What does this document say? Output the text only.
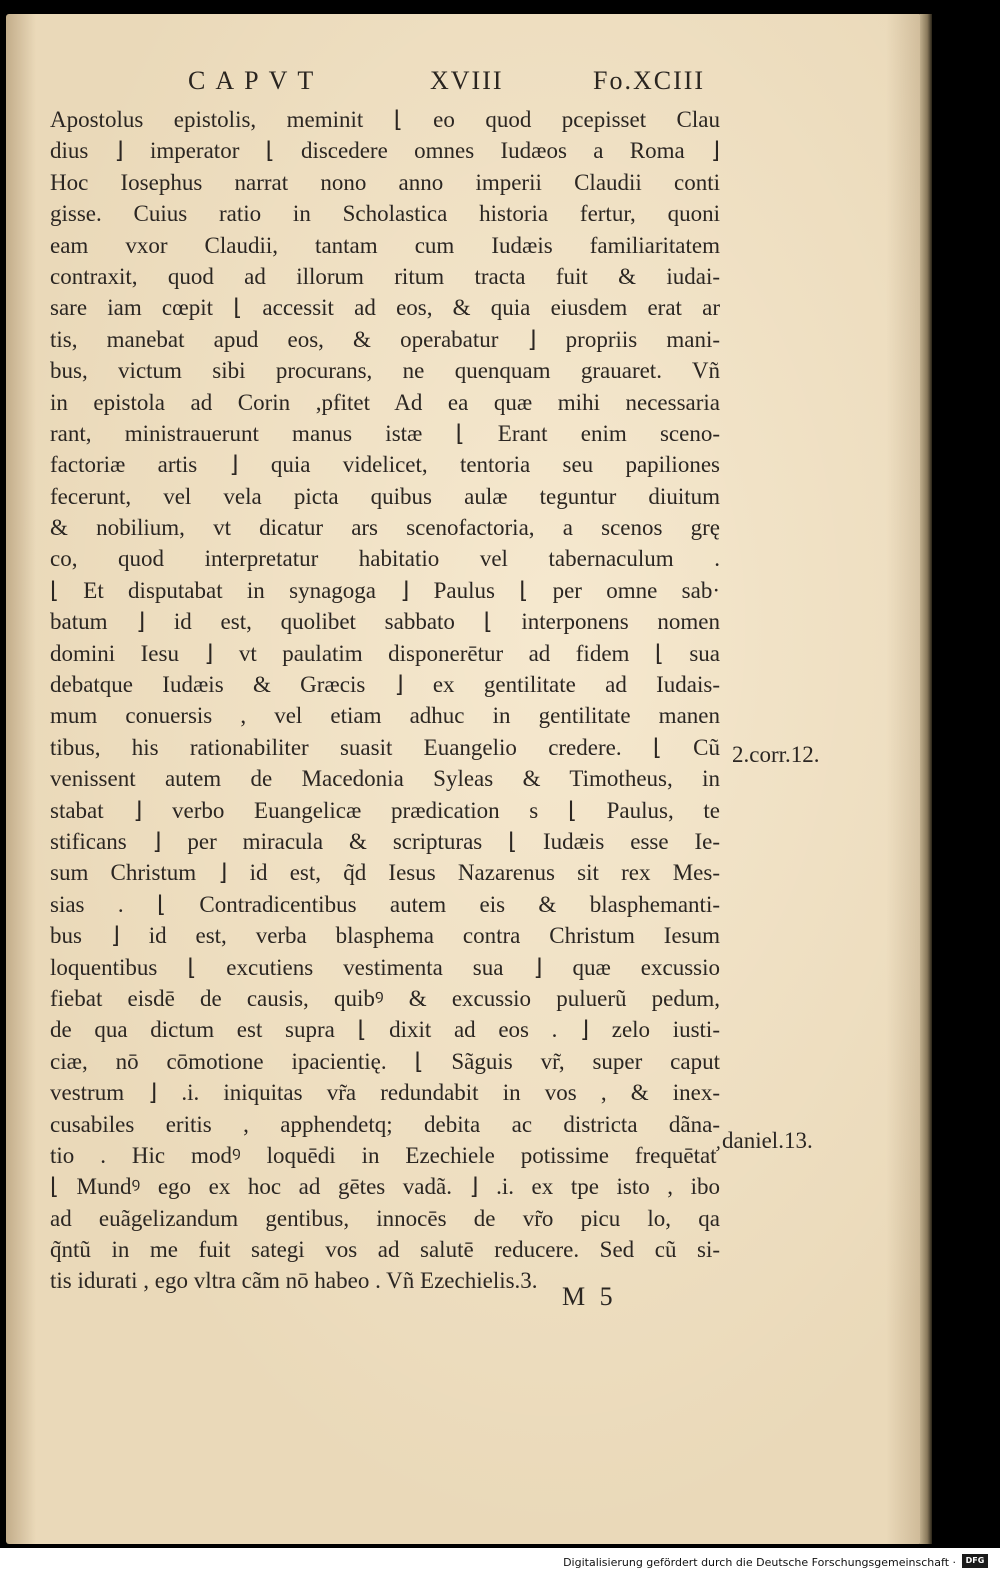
CAPVT	XVIII	Fo.XCIII
Apostolus epistolis, meminit ⌊ eo quod pcepisset Clau
dius ⌋ imperator ⌊ discedere omnes Iudæos a Roma ⌋
Hoc Iosephus narrat nono anno imperii Claudii conti
gisse. Cuius ratio in Scholastica historia fertur, quoni
eam vxor Claudii, tantam cum Iudæis familiaritatem
contraxit, quod ad illorum ritum tracta fuit & iudai-
sare iam cœpit ⌊ accessit ad eos, & quia eiusdem erat ar
tis, manebat apud eos, & operabatur ⌋ propriis mani-
bus, victum sibi procurans, ne quenquam grauaret. Vñ
in epistola ad Corin ,pfitet Ad ea quæ mihi necessaria
rant, ministrauerunt manus istæ ⌊ Erant enim sceno-
factoriæ artis ⌋ quia videlicet, tentoria seu papiliones
fecerunt, vel vela picta quibus aulæ teguntur diuitum
& nobilium, vt dicatur ars scenofactoria, a scenos grę
co, quod interpretatur habitatio vel tabernaculum .
⌊ Et disputabat in synagoga ⌋ Paulus ⌊ per omne sab·
batum ⌋ id est, quolibet sabbato ⌊ interponens nomen
domini Iesu ⌋ vt paulatim disponerētur ad fidem ⌊ sua
debatque Iudæis & Græcis ⌋ ex gentilitate ad Iudais-
mum conuersis , vel etiam adhuc in gentilitate manen
tibus, his rationabiliter suasit Euangelio credere. ⌊ Cũ
venissent autem de Macedonia Syleas & Timotheus, in
stabat ⌋ verbo Euangelicæ prædication s ⌊ Paulus, te
stificans ⌋ per miracula & scripturas ⌊ Iudæis esse Ie-
sum Christum ⌋ id est, q̃d Iesus Nazarenus sit rex Mes-
sias . ⌊ Contradicentibus autem eis & blasphemanti-
bus ⌋ id est, verba blasphema contra Christum Iesum
loquentibus ⌊ excutiens vestimenta sua ⌋ quæ excussio
fiebat eisdē de causis, quibꝰ & excussio puluerũ pedum,
de qua dictum est supra ⌊ dixit ad eos . ⌋ zelo iusti-
ciæ, nō cōmotione ipacientię. ⌊ Sãguis vr̃, super caput
vestrum ⌋ .i. iniquitas vr̃a redundabit in vos , & inex-
cusabiles eritis , apphendetq; debita ac districta dãna-
tio . Hic modꝰ loquēdi in Ezechiele potissime frequētať
⌊ Mundꝰ ego ex hoc ad gētes vadã. ⌋ .i. ex tpe isto , ibo
ad euãgelizandum gentibus, innocēs de vr̃o picu lo, qa
q̃ntũ in me fuit sategi vos ad salutē reducere. Sed cũ si-
tis idurati , ego vltra cãm nō habeo . Vñ Ezechielis.3.
2.corr.12.
daniel.13.
M 5
Digitalisierung gefördert durch die Deutsche Forschungsgemeinschaft ·	DFG
